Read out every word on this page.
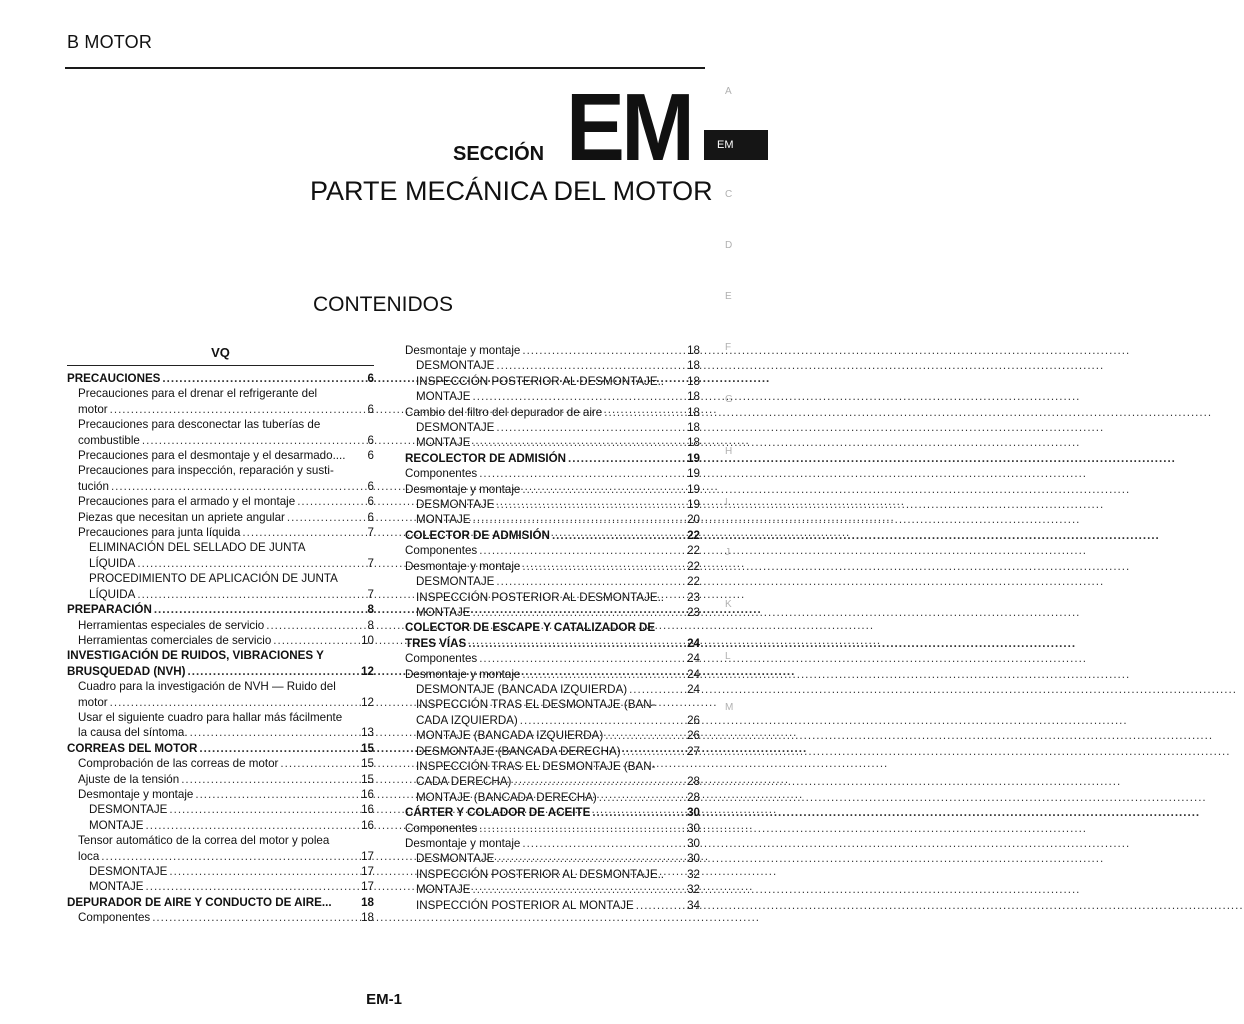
B MOTOR
SECCIÓN EM
PARTE MECÁNICA DEL MOTOR
CONTENIDOS
A
EM
C
D
E
F
G
H
I
J
K
L
M
VQ
PRECAUCIONES .....	6
Precauciones para el drenar el refrigerante del
motor .....	6
Precauciones para desconectar las tuberías de
combustible .....	6
Precauciones para el desmontaje y el desarmado.... 6
Precauciones para inspección, reparación y susti-
tución .....	6
Precauciones para el armado y el montaje .....	6
Piezas que necesitan un apriete angular .....	6
Precauciones para junta líquida .....	7
ELIMINACIÓN DEL SELLADO DE JUNTA
LÍQUIDA .....	7
PROCEDIMIENTO DE APLICACIÓN DE JUNTA
LÍQUIDA .....	7
PREPARACIÓN .....	8
Herramientas especiales de servicio .....	8
Herramientas comerciales de servicio .....	10
INVESTIGACIÓN DE RUIDOS, VIBRACIONES Y
BRUSQUEDAD (NVH) .....	12
Cuadro para la investigación de NVH — Ruido del
motor .....	12
Usar el siguiente cuadro para hallar más fácilmente
la causa del síntoma. .....	13
CORREAS DEL MOTOR .....	15
Comprobación de las correas de motor .....	15
Ajuste de la tensión .....	15
Desmontaje y montaje .....	16
DESMONTAJE .....	16
MONTAJE .....	16
Tensor automático de la correa del motor y polea
loca .....	17
DESMONTAJE .....	17
MONTAJE .....	17
DEPURADOR DE AIRE Y CONDUCTO DE AIRE...	18
Componentes .....	18
Desmontaje y montaje .....	18
DESMONTAJE .....	18
INSPECCIÓN POSTERIOR AL DESMONTAJE.. 18
MONTAJE .....	18
Cambio del filtro del depurador de aire .....	18
DESMONTAJE .....	18
MONTAJE .....	18
RECOLECTOR DE ADMISIÓN .....	19
Componentes .....	19
Desmontaje y montaje .....	19
DESMONTAJE .....	19
MONTAJE .....	20
COLECTOR DE ADMISIÓN .....	22
Componentes .....	22
Desmontaje y montaje .....	22
DESMONTAJE .....	22
INSPECCIÓN POSTERIOR AL DESMONTAJE.. 23
MONTAJE .....	23
COLECTOR DE ESCAPE Y CATALIZADOR DE
TRES VÍAS .....	24
Componentes .....	24
Desmontaje y montaje .....	24
DESMONTAJE (BANCADA IZQUIERDA) .....	24
INSPECCIÓN TRAS EL DESMONTAJE (BAN-
CADA IZQUIERDA) .....	26
MONTAJE (BANCADA IZQUIERDA) .....	26
DESMONTAJE (BANCADA DERECHA) .....	27
INSPECCIÓN TRAS EL DESMONTAJE (BAN-
CADA DERECHA) .....	28
MONTAJE (BANCADA DERECHA) .....	28
CÁRTER Y COLADOR DE ACEITE .....	30
Componentes .....	30
Desmontaje y montaje .....	30
DESMONTAJE .....	30
INSPECCIÓN POSTERIOR AL DESMONTAJE.. 32
MONTAJE .....	32
INSPECCIÓN POSTERIOR AL MONTAJE .....	34
EM-1
